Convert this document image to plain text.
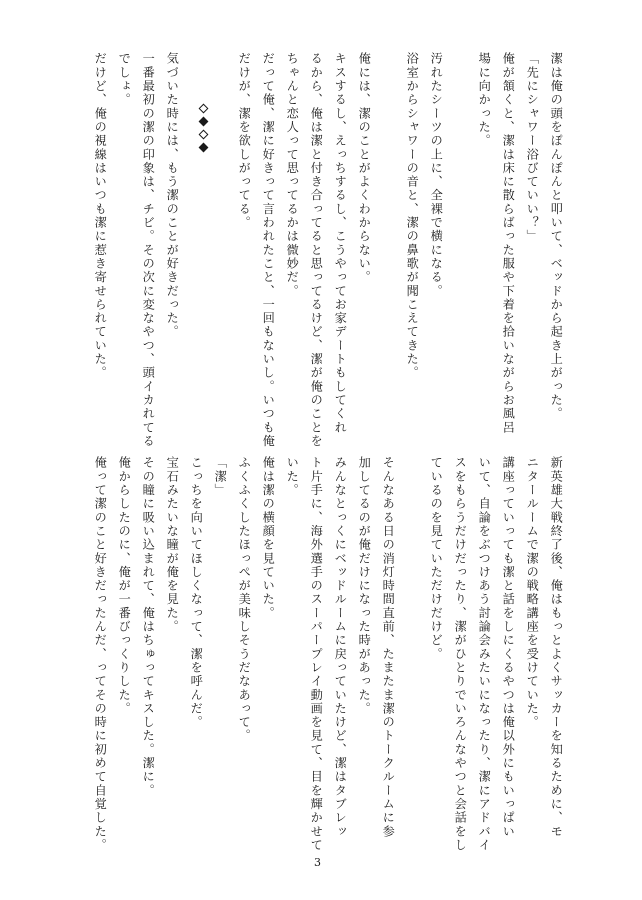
潔は俺の頭をぽんぽんと叩いて、ベッドから起き上がった。
「先にシャワー浴びていい？」
俺が頷くと、潔は床に散らばった服や下着を拾いながらお風呂
場に向かった。
汚れたシーツの上に、全裸で横になる。
浴室からシャワーの音と、潔の鼻歌が聞こえてきた。
俺には、潔のことがよくわからない。
キスするし、えっちするし、こうやってお家デートもしてくれ
るから、俺は潔と付き合ってると思ってるけど、潔が俺のことを
ちゃんと恋人って思ってるかは微妙だ。
だって俺、潔に好きって言われたこと、一回もないし。いつも俺
だけが、潔を欲しがってる。
気づいた時には、もう潔のことが好きだった。
一番最初の潔の印象は、チビ。その次に変なやつ、頭イカれてる
でしょ。
だけど、俺の視線はいつも潔に惹き寄せられていた。
新英雄大戦終了後、俺はもっとよくサッカーを知るために、モ
ニタールームで潔の戦略講座を受けていた。
講座っていっても潔と話をしにくるやつは俺以外にもいっぱい
いて、自論をぶつけあう討論会みたいになったり、潔にアドバイ
スをもらうだけだったり、潔がひとりでいろんなやつと会話をし
ているのを見ていただけだけど。
そんなある日の消灯時間直前、たまたま潔のトークルームに参
加してるのが俺だけになった時があった。
みんなとっくにベッドルームに戻っていたけど、潔はタブレッ
ト片手に、海外選手のスーパープレイ動画を見て、目を輝かせて
いた。
俺は潔の横顔を見ていた。
ふくふくしたほっぺが美味しそうだなあって。
「潔」
こっちを向いてほしくなって、潔を呼んだ。
宝石みたいな瞳が俺を見た。
その瞳に吸い込まれて、俺はちゅってキスした。潔に。
俺からしたのに、俺が一番びっくりした。
俺って潔のこと好きだったんだ、ってその時に初めて自覚した。
3
